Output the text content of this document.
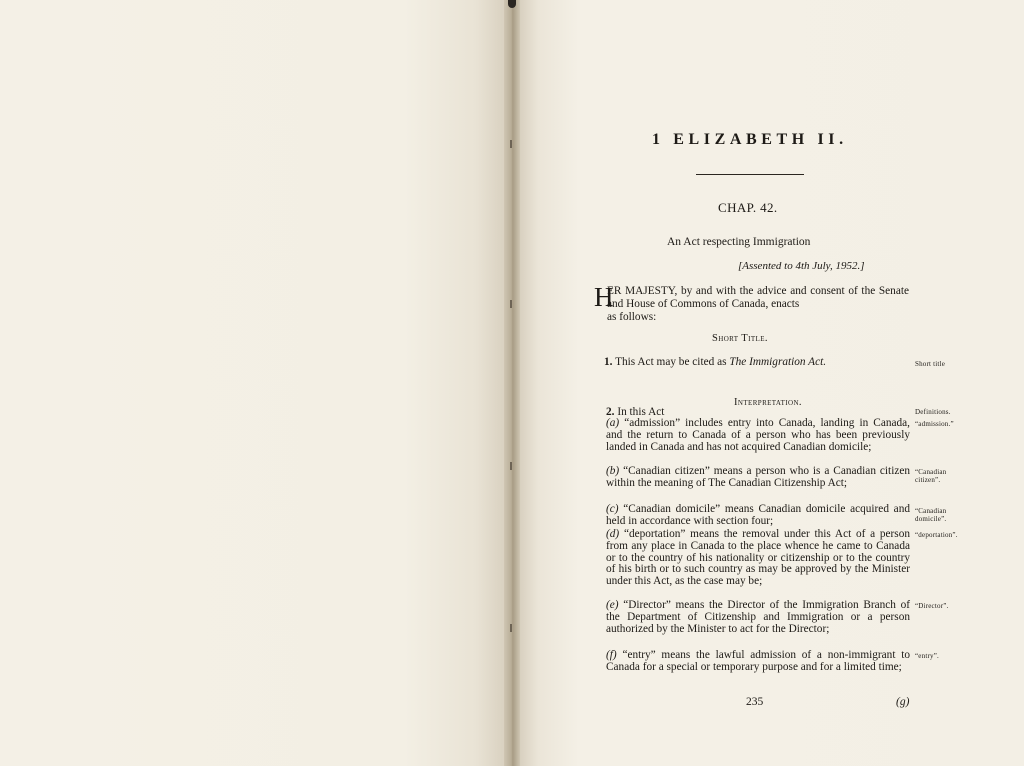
1 ELIZABETH II.
CHAP. 42.
An Act respecting Immigration
[Assented to 4th July, 1952.]
H
ER MAJESTY, by and with the advice and consent of the Senate and House of Commons of Canada, enacts
as follows:
Short Title.
1. This Act may be cited as The Immigration Act.	Short title
Interpretation.
2. In this Act	Definitions.
(a) “admission” includes entry into Canada, landing in Canada, and the return to Canada of a person who has been previously landed in Canada and has not acquired Canadian domicile;
“admission.”
(b) “Canadian citizen” means a person who is a Canadian citizen within the meaning of The Canadian Citizenship Act;
“Canadian citizen”.
(c) “Canadian domicile” means Canadian domicile acquired and held in accordance with section four;
“Canadian domicile”.
(d) “deportation” means the removal under this Act of a person from any place in Canada to the place whence he came to Canada or to the country of his nationality or citizenship or to the country of his birth or to such country as may be approved by the Minister under this Act, as the case may be;
“deportation”.
(e) “Director” means the Director of the Immigration Branch of the Department of Citizenship and Immigration or a person authorized by the Minister to act for the Director;
“Director”.
(f) “entry” means the lawful admission of a non-immigrant to Canada for a special or temporary purpose and for a limited time;
“entry”.
235	(g)
